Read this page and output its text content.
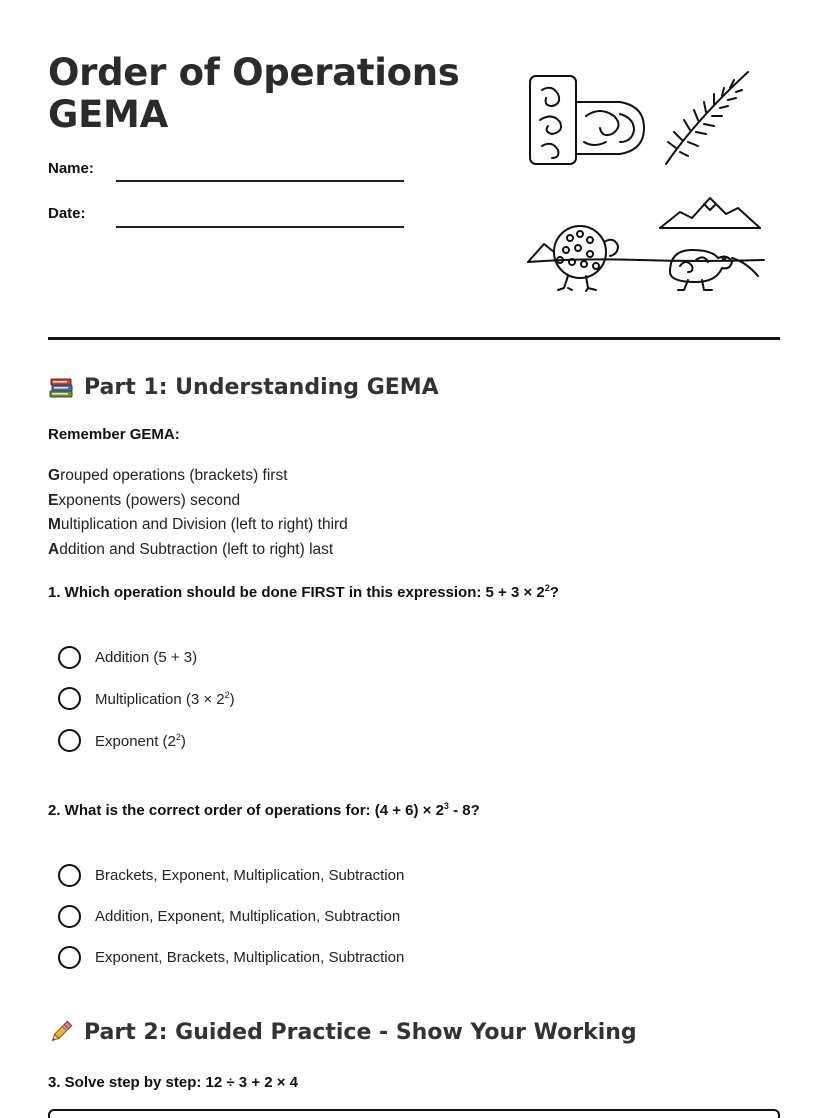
Order of Operations
GEMA
Name:
Date:
Part 1: Understanding GEMA
Remember GEMA:
Grouped operations (brackets) first
Exponents (powers) second
Multiplication and Division (left to right) third
Addition and Subtraction (left to right) last
1. Which operation should be done FIRST in this expression: $5 + 3 \times 2^2$?
Addition (5 + 3)
Multiplication $(3 \times 2^2)$
Exponent $(2^2)$
2. What is the correct order of operations for: $(4 + 6) \times 2^3 - 8$?
Brackets, Exponent, Multiplication, Subtraction
Addition, Exponent, Multiplication, Subtraction
Exponent, Brackets, Multiplication, Subtraction
Part 2: Guided Practice - Show Your Working
3. Solve step by step: 12 ÷ 3 + 2 × 4
